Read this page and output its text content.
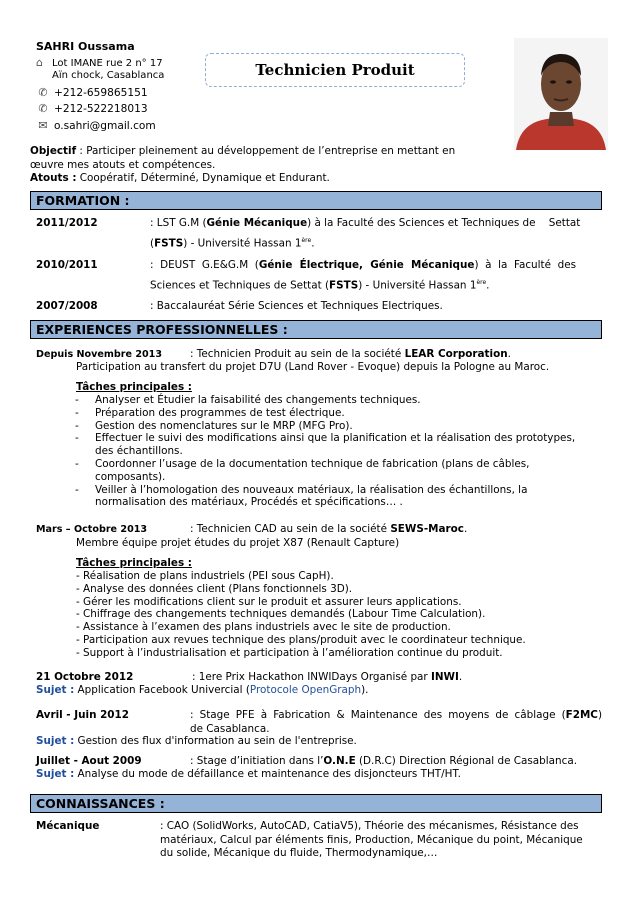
SAHRI Oussama
⌂ Lot IMANE rue 2 n° 17
Aïn chock, Casablanca
✆ +212-659865151
✆ +212-522218013
✉ o.sahri@gmail.com
Technicien Produit
Objectif : Participer pleinement au développement de l’entreprise en mettant en
œuvre mes atouts et compétences.
Atouts : Coopératif, Déterminé, Dynamique et Endurant.
FORMATION :
2011/2012	: LST G.M (Génie Mécanique) à la Faculté des Sciences et Techniques de    Settat
(FSTS) - Université Hassan 1ère.
2010/2011	:  DEUST  G.E&G.M  (Génie  Électrique,  Génie  Mécanique)  à  la  Faculté  des
Sciences et Techniques de Settat (FSTS) - Université Hassan 1ère.
2007/2008	: Baccalauréat Série Sciences et Techniques Electriques.
EXPERIENCES PROFESSIONNELLES :
Depuis Novembre 2013	: Technicien Produit au sein de la société LEAR Corporation.
Participation au transfert du projet D7U (Land Rover - Evoque) depuis la Pologne au Maroc.
Tâches principales :
- Analyser et Étudier la faisabilité des changements techniques.
- Préparation des programmes de test électrique.
- Gestion des nomenclatures sur le MRP (MFG Pro).
- Effectuer le suivi des modifications ainsi que la planification et la réalisation des prototypes, des échantillons.
- Coordonner l’usage de la documentation technique de fabrication (plans de câbles, composants).
- Veiller à l’homologation des nouveaux matériaux, la réalisation des échantillons, la normalisation des matériaux, Procédés et spécifications… .
Mars – Octobre 2013	: Technicien CAD au sein de la société SEWS-Maroc.
Membre équipe projet études du projet X87 (Renault Capture)
Tâches principales :
- Réalisation de plans industriels (PEI sous CapH).
- Analyse des données client (Plans fonctionnels 3D).
- Gérer les modifications client sur le produit et assurer leurs applications.
- Chiffrage des changements techniques demandés (Labour Time Calculation).
- Assistance à l’examen des plans industriels avec le site de production.
- Participation aux revues technique des plans/produit avec le coordinateur technique.
- Support à l’industrialisation et participation à l’amélioration continue du produit.
21 Octobre 2012	: 1ere Prix Hackathon INWIDays Organisé par INWI.
Sujet : Application Facebook Univercial (Protocole OpenGraph).
Avril - Juin 2012	: Stage PFE à Fabrication & Maintenance des moyens de câblage (F2MC)
de Casablanca.
Sujet : Gestion des flux d'information au sein de l'entreprise.
Juillet - Aout 2009	: Stage d’initiation dans l’O.N.E (D.R.C) Direction Régional de Casablanca.
Sujet : Analyse du mode de défaillance et maintenance des disjoncteurs THT/HT.
CONNAISSANCES :
Mécanique	: CAO (SolidWorks, AutoCAD, CatiaV5), Théorie des mécanismes, Résistance des
matériaux, Calcul par éléments finis, Production, Mécanique du point, Mécanique
du solide, Mécanique du fluide, Thermodynamique,…
